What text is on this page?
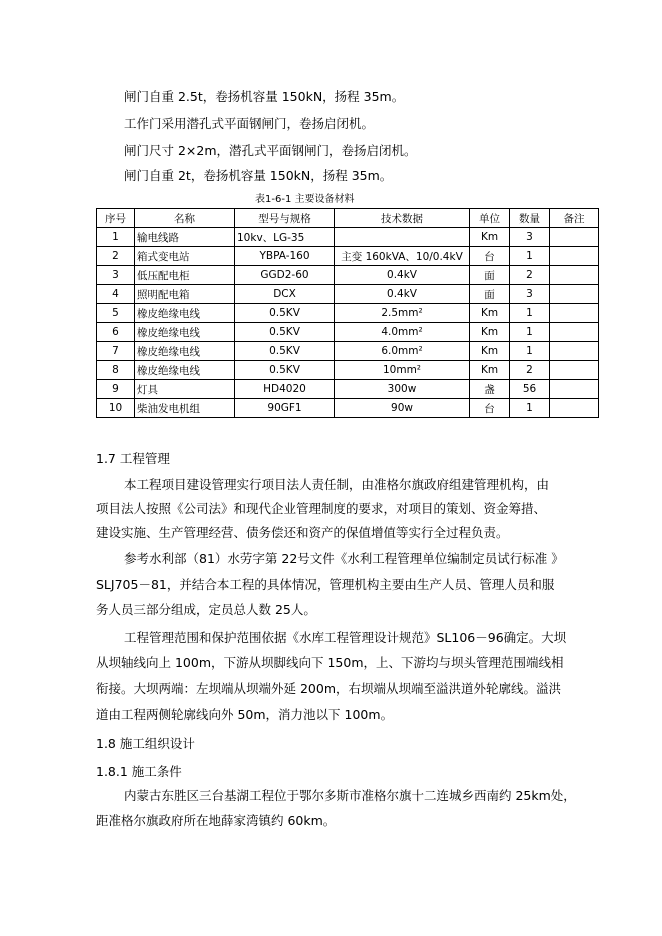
闸门自重 2.5t，卷扬机容量 150kN，扬程 35m。
工作门采用潜孔式平面钢闸门，卷扬启闭机。
闸门尺寸 2×2m，潜孔式平面钢闸门，卷扬启闭机。
闸门自重 2t，卷扬机容量 150kN，扬程 35m。
表1-6-1 主要设备材料
序号	名称	型号与规格	技术数据	单位	数量	备注
1	输电线路	10kv、LG-35		Km	3	
2	箱式变电站	YBPA-160	主变 160kVA、10/0.4kV	台	1	
3	低压配电柜	GGD2-60	0.4kV	面	2	
4	照明配电箱	DCX	0.4kV	面	3	
5	橡皮绝缘电线	0.5KV	2.5mm²	Km	1	
6	橡皮绝缘电线	0.5KV	4.0mm²	Km	1	
7	橡皮绝缘电线	0.5KV	6.0mm²	Km	1	
8	橡皮绝缘电线	0.5KV	10mm²	Km	2	
9	灯具	HD4020	300w	盏	56	
10	柴油发电机组	90GF1	90w	台	1	
1.7 工程管理
本工程项目建设管理实行项目法人责任制，由准格尔旗政府组建管理机构，由
项目法人按照《公司法》和现代企业管理制度的要求，对项目的策划、资金筹措、
建设实施、生产管理经营、债务偿还和资产的保值增值等实行全过程负责。
参考水利部（81）水劳字第 22号文件《水利工程管理单位编制定员试行标准 》
SLJ705－81，并结合本工程的具体情况，管理机构主要由生产人员、管理人员和服
务人员三部分组成，定员总人数 25人。
工程管理范围和保护范围依据《水库工程管理设计规范》SL106－96确定。大坝
从坝轴线向上 100m，下游从坝脚线向下 150m，上、下游均与坝头管理范围端线相
衔接。大坝两端：左坝端从坝端外延 200m，右坝端从坝端至溢洪道外轮廓线。溢洪
道由工程两侧轮廓线向外 50m，消力池以下 100m。
1.8 施工组织设计
1.8.1 施工条件
内蒙古东胜区三台基湖工程位于鄂尔多斯市准格尔旗十二连城乡西南约 25km处，
距准格尔旗政府所在地薛家湾镇约 60km。
